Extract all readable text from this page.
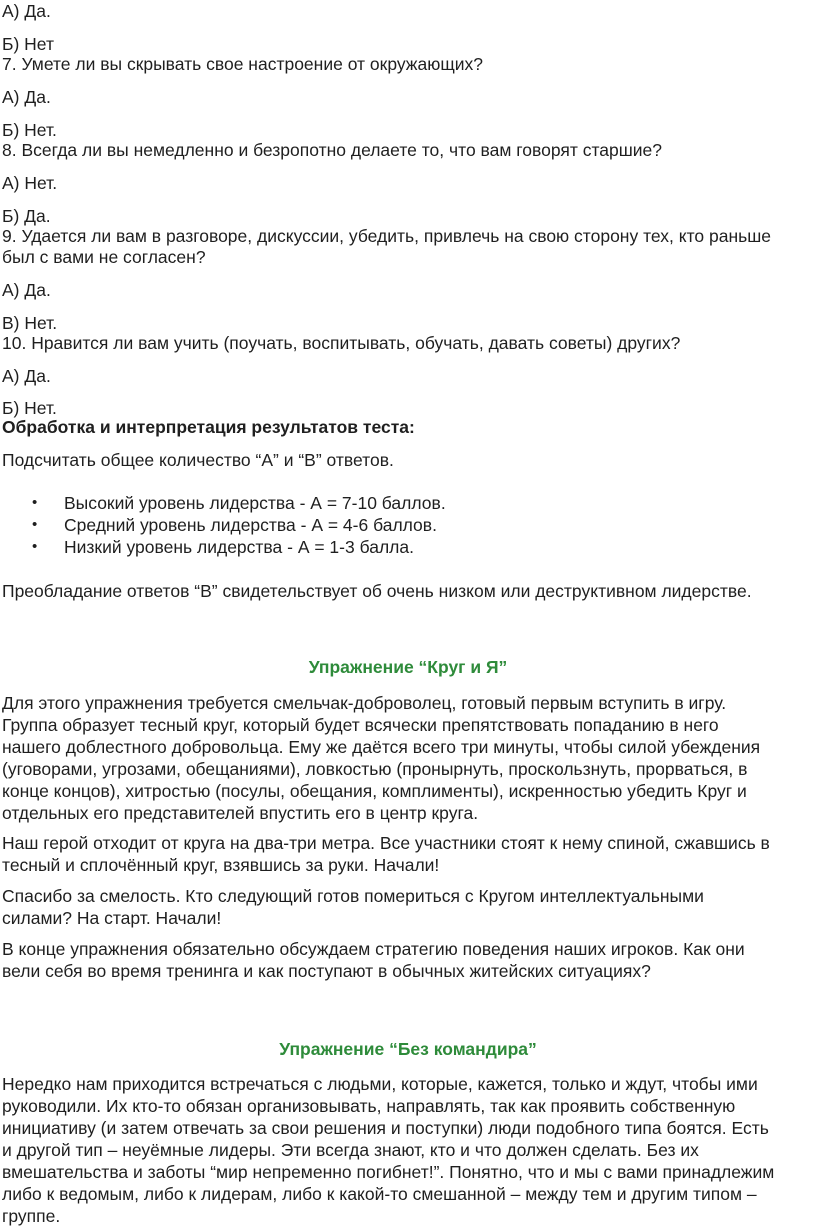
А) Да.
Б) Нет
7. Умете ли вы скрывать свое настроение от окружающих?
А) Да.
Б) Нет.
8. Всегда ли вы немедленно и безропотно делаете то, что вам говорят старшие?
А) Нет.
Б) Да.
9. Удается ли вам в разговоре, дискуссии, убедить, привлечь на свою сторону тех, кто раньше
был с вами не согласен?
А) Да.
В) Нет.
10. Нравится ли вам учить (поучать, воспитывать, обучать, давать советы) других?
А) Да.
Б) Нет.
Обработка и интерпретация результатов теста:
Подсчитать общее количество “А” и “В” ответов.
• Высокий уровень лидерства - А = 7-10 баллов.
• Средний уровень лидерства - А = 4-6 баллов.
• Низкий уровень лидерства - А = 1-3 балла.
Преобладание ответов “В” свидетельствует об очень низком или деструктивном лидерстве.
Упражнение “Круг и Я”
Для этого упражнения требуется смельчак-доброволец, готовый первым вступить в игру.
Группа образует тесный круг, который будет всячески препятствовать попаданию в него
нашего доблестного добровольца. Ему же даётся всего три минуты, чтобы силой убеждения
(уговорами, угрозами, обещаниями), ловкостью (пронырнуть, проскользнуть, прорваться, в
конце концов), хитростью (посулы, обещания, комплименты), искренностью убедить Круг и
отдельных его представителей впустить его в центр круга.
Наш герой отходит от круга на два-три метра. Все участники стоят к нему спиной, сжавшись в
тесный и сплочённый круг, взявшись за руки. Начали!
Спасибо за смелость. Кто следующий готов помериться с Кругом интеллектуальными
силами? На старт. Начали!
В конце упражнения обязательно обсуждаем стратегию поведения наших игроков. Как они
вели себя во время тренинга и как поступают в обычных житейских ситуациях?
Упражнение “Без командира”
Нередко нам приходится встречаться с людьми, которые, кажется, только и ждут, чтобы ими
руководили. Их кто-то обязан организовывать, направлять, так как проявить собственную
инициативу (и затем отвечать за свои решения и поступки) люди подобного типа боятся. Есть
и другой тип – неуёмные лидеры. Эти всегда знают, кто и что должен сделать. Без их
вмешательства и заботы “мир непременно погибнет!”. Понятно, что и мы с вами принадлежим
либо к ведомым, либо к лидерам, либо к какой-то смешанной – между тем и другим типом –
группе.
